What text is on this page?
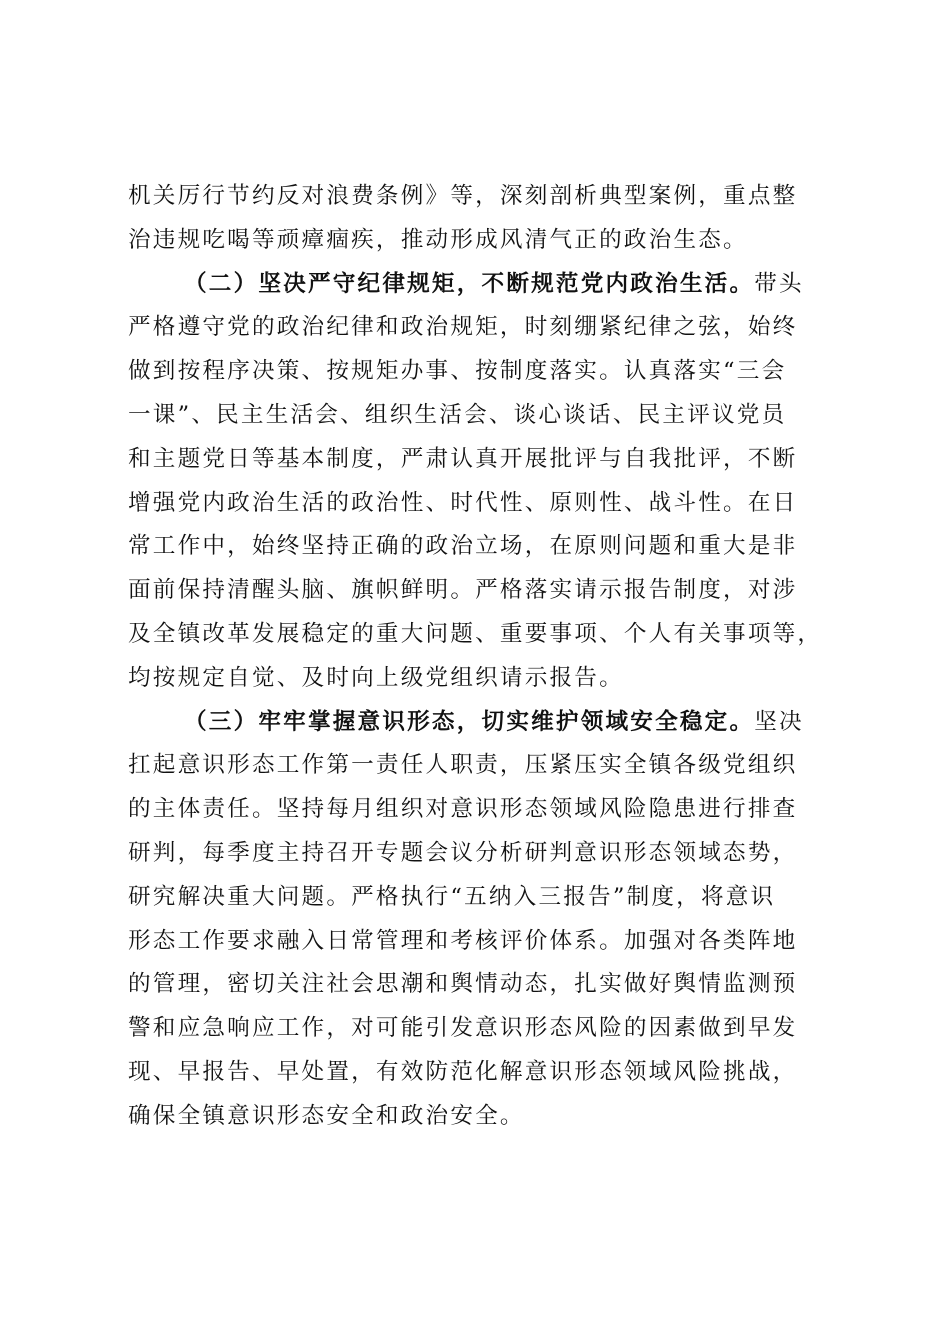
机关厉行节约反对浪费条例》等，深刻剖析典型案例，重点整
治违规吃喝等顽瘴痼疾，推动形成风清气正的政治生态。
（二）坚决严守纪律规矩，不断规范党内政治生活。带头
严格遵守党的政治纪律和政治规矩，时刻绷紧纪律之弦，始终
做到按程序决策、按规矩办事、按制度落实。认真落实“三会
一课”、民主生活会、组织生活会、谈心谈话、民主评议党员
和主题党日等基本制度，严肃认真开展批评与自我批评，不断
增强党内政治生活的政治性、时代性、原则性、战斗性。在日
常工作中，始终坚持正确的政治立场，在原则问题和重大是非
面前保持清醒头脑、旗帜鲜明。严格落实请示报告制度，对涉
及全镇改革发展稳定的重大问题、重要事项、个人有关事项等，
均按规定自觉、及时向上级党组织请示报告。
（三）牢牢掌握意识形态，切实维护领域安全稳定。坚决
扛起意识形态工作第一责任人职责，压紧压实全镇各级党组织
的主体责任。坚持每月组织对意识形态领域风险隐患进行排查
研判，每季度主持召开专题会议分析研判意识形态领域态势，
研究解决重大问题。严格执行“五纳入三报告”制度，将意识
形态工作要求融入日常管理和考核评价体系。加强对各类阵地
的管理，密切关注社会思潮和舆情动态，扎实做好舆情监测预
警和应急响应工作，对可能引发意识形态风险的因素做到早发
现、早报告、早处置，有效防范化解意识形态领域风险挑战，
确保全镇意识形态安全和政治安全。
